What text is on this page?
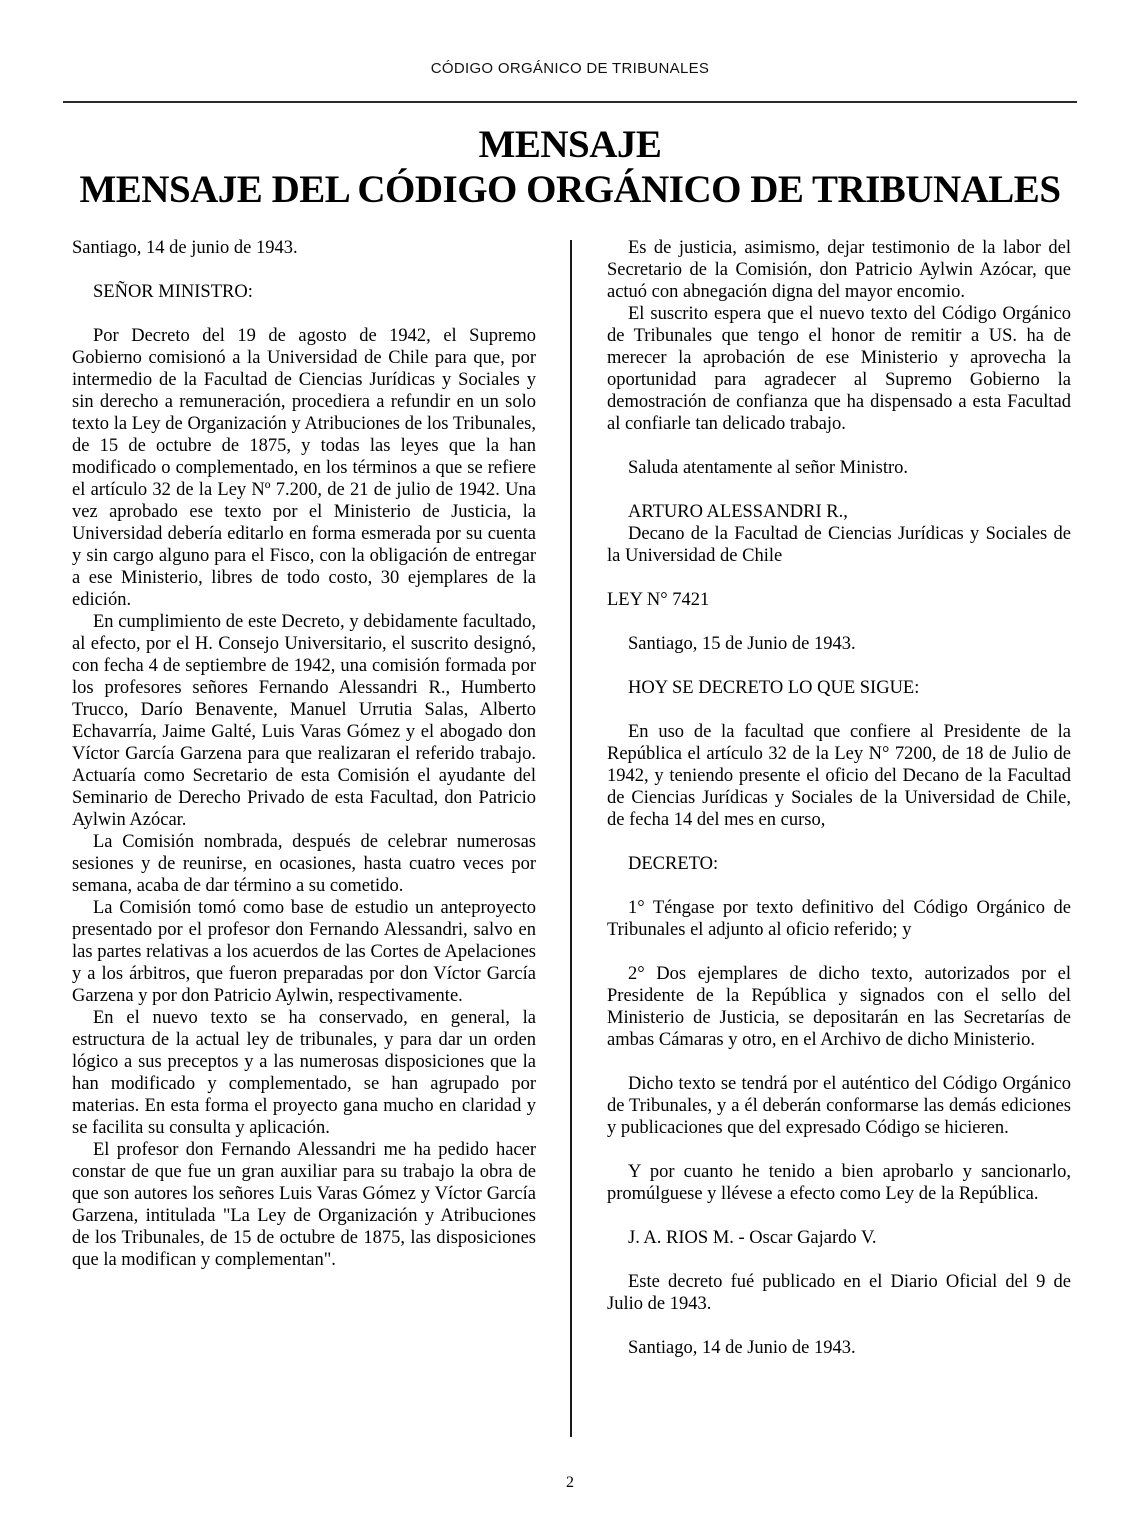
CÓDIGO ORGÁNICO DE TRIBUNALES
MENSAJE
MENSAJE DEL CÓDIGO ORGÁNICO DE TRIBUNALES

Santiago, 14 de junio de 1943.

SEÑOR MINISTRO:

Por Decreto del 19 de agosto de 1942, el Supremo Gobierno comisionó a la Universidad de Chile para que, por intermedio de la Facultad de Ciencias Jurídicas y Sociales y sin derecho a remuneración, procediera a refundir en un solo texto la Ley de Organización y Atribuciones de los Tribunales, de 15 de octubre de 1875, y todas las leyes que la han modificado o complementado, en los términos a que se refiere el artículo 32 de la Ley Nº 7.200, de 21 de julio de 1942. Una vez aprobado ese texto por el Ministerio de Justicia, la Universidad debería editarlo en forma esmerada por su cuenta y sin cargo alguno para el Fisco, con la obligación de entregar a ese Ministerio, libres de todo costo, 30 ejemplares de la edición.

En cumplimiento de este Decreto, y debidamente facultado, al efecto, por el H. Consejo Universitario, el suscrito designó, con fecha 4 de septiembre de 1942, una comisión formada por los profesores señores Fernando Alessandri R., Humberto Trucco, Darío Benavente, Manuel Urrutia Salas, Alberto Echavarría, Jaime Galté, Luis Varas Gómez y el abogado don Víctor García Garzena para que realizaran el referido trabajo. Actuaría como Secretario de esta Comisión el ayudante del Seminario de Derecho Privado de esta Facultad, don Patricio Aylwin Azócar.

La Comisión nombrada, después de celebrar numerosas sesiones y de reunirse, en ocasiones, hasta cuatro veces por semana, acaba de dar término a su cometido.

La Comisión tomó como base de estudio un anteproyecto presentado por el profesor don Fernando Alessandri, salvo en las partes relativas a los acuerdos de las Cortes de Apelaciones y a los árbitros, que fueron preparadas por don Víctor García Garzena y por don Patricio Aylwin, respectivamente.

En el nuevo texto se ha conservado, en general, la estructura de la actual ley de tribunales, y para dar un orden lógico a sus preceptos y a las numerosas disposiciones que la han modificado y complementado, se han agrupado por materias. En esta forma el proyecto gana mucho en claridad y se facilita su consulta y aplicación.

El profesor don Fernando Alessandri me ha pedido hacer constar de que fue un gran auxiliar para su trabajo la obra de que son autores los señores Luis Varas Gómez y Víctor García Garzena, intitulada "La Ley de Organización y Atribuciones de los Tribunales, de 15 de octubre de 1875, las disposiciones que la modifican y complementan".

Es de justicia, asimismo, dejar testimonio de la labor del Secretario de la Comisión, don Patricio Aylwin Azócar, que actuó con abnegación digna del mayor encomio.

El suscrito espera que el nuevo texto del Código Orgánico de Tribunales que tengo el honor de remitir a US. ha de merecer la aprobación de ese Ministerio y aprovecha la oportunidad para agradecer al Supremo Gobierno la demostración de confianza que ha dispensado a esta Facultad al confiarle tan delicado trabajo.

Saluda atentamente al señor Ministro.

ARTURO ALESSANDRI R.,

Decano de la Facultad de Ciencias Jurídicas y Sociales de la Universidad de Chile

LEY N° 7421

Santiago, 15 de Junio de 1943.

HOY SE DECRETO LO QUE SIGUE:

En uso de la facultad que confiere al Presidente de la República el artículo 32 de la Ley N° 7200, de 18 de Julio de 1942, y teniendo presente el oficio del Decano de la Facultad de Ciencias Jurídicas y Sociales de la Universidad de Chile, de fecha 14 del mes en curso,

DECRETO:

1° Téngase por texto definitivo del Código Orgánico de Tribunales el adjunto al oficio referido; y

2° Dos ejemplares de dicho texto, autorizados por el Presidente de la República y signados con el sello del Ministerio de Justicia, se depositarán en las Secretarías de ambas Cámaras y otro, en el Archivo de dicho Ministerio.

Dicho texto se tendrá por el auténtico del Código Orgánico de Tribunales, y a él deberán conformarse las demás ediciones y publicaciones que del expresado Código se hicieren.

Y por cuanto he tenido a bien aprobarlo y sancionarlo, promúlguese y llévese a efecto como Ley de la República.

J. A. RIOS M. - Oscar Gajardo V.

Este decreto fué publicado en el Diario Oficial del 9 de Julio de 1943.

Santiago, 14 de Junio de 1943.

2
